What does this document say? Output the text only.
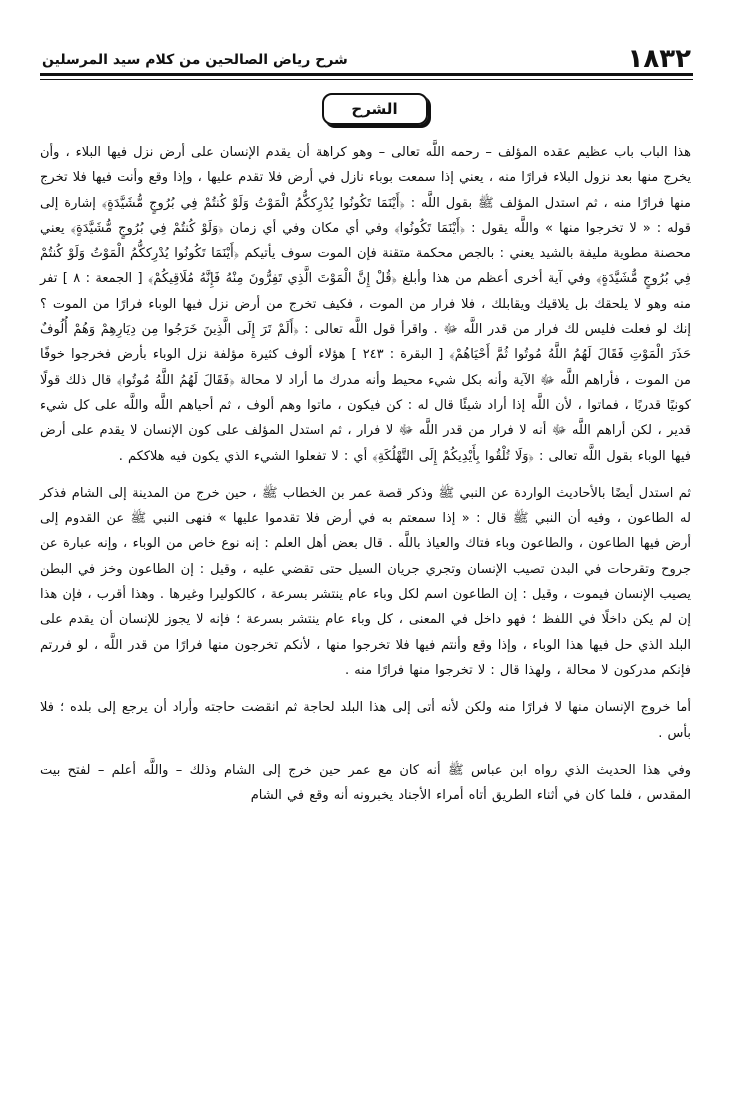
١٨٣٢
شرح رياض الصالحين من كلام سيد المرسلين
الشرح

هذا الباب باب عظيم عقده المؤلف – رحمه اللَّه تعالى – وهو كراهة أن يقدم الإنسان على أرض نزل فيها البلاء ، وأن يخرج منها بعد نزول البلاء فرارًا منه ، يعني إذا سمعت بوباء نازل في أرض فلا تقدم عليها ، وإذا وقع وأنت فيها فلا تخرج منها فرارًا منه ، ثم استدل المؤلف ﷺ بقول اللَّه : ﴿أَيْنَمَا تَكُونُوا يُدْرِككُّمُ الْمَوْتُ وَلَوْ كُنتُمْ فِي بُرُوجٍ مُّشَيَّدَةٍ﴾ إشارة إلى قوله : « لا تخرجوا منها » واللَّه يقول : ﴿أَيْنَمَا تَكُونُوا﴾ وفي أي مكان وفي أي زمان ﴿وَلَوْ كُنتُمْ فِي بُرُوجٍ مُّشَيَّدَةٍ﴾ يعني محصنة مطوية مليفة بالشيد يعني : بالجص محكمة متقنة فإن الموت سوف يأتيكم ﴿أَيْنَمَا تَكُونُوا يُدْرِككُّمُ الْمَوْتُ وَلَوْ كُنتُمْ فِي بُرُوجٍ مُّشَيَّدَةٍ﴾ وفي آية أخرى أعظم من هذا وأبلغ ﴿قُلْ إِنَّ الْمَوْتَ الَّذِي تَفِرُّونَ مِنْهُ فَإِنَّهُ مُلَاقِيكُمْ﴾ [ الجمعة : ٨ ] تفر منه وهو لا يلحقك بل يلاقيك ويقابلك ، فلا فرار من الموت ، فكيف تخرج من أرض نزل فيها الوباء فرارًا من الموت ؟ إنك لو فعلت فليس لك فرار من قدر اللَّه ﷻ . واقرأ قول اللَّه تعالى : ﴿أَلَمْ تَرَ إِلَى الَّذِينَ خَرَجُوا مِن دِيَارِهِمْ وَهُمْ أُلُوفٌ حَذَرَ الْمَوْتِ فَقَالَ لَهُمُ اللَّهُ مُوتُوا ثُمَّ أَحْيَاهُمْ﴾ [ البقرة : ٢٤٣ ] هؤلاء ألوف كثيرة مؤلفة نزل الوباء بأرض فخرجوا خوفًا من الموت ، فأراهم اللَّه ﷻ الآية وأنه بكل شيء محيط وأنه مدرك ما أراد لا محالة ﴿فَقَالَ لَهُمُ اللَّهُ مُوتُوا﴾ قال ذلك قولًا كونيًا قدريًا ، فماتوا ، لأن اللَّه إذا أراد شيئًا قال له : كن فيكون ، ماتوا وهم ألوف ، ثم أحياهم اللَّه واللَّه على كل شيء قدير ، لكن أراهم اللَّه ﷻ أنه لا فرار من قدر اللَّه ﷻ لا فرار ، ثم استدل المؤلف على كون الإنسان لا يقدم على أرض فيها الوباء بقول اللَّه تعالى : ﴿وَلَا تُلْقُوا بِأَيْدِيكُمْ إِلَى التَّهْلُكَةِ﴾ أي : لا تفعلوا الشيء الذي يكون فيه هلاككم .

ثم استدل أيضًا بالأحاديث الواردة عن النبي ﷺ وذكر قصة عمر بن الخطاب ﷺ ، حين خرج من المدينة إلى الشام فذكر له الطاعون ، وفيه أن النبي ﷺ قال : « إذا سمعتم به في أرض فلا تقدموا عليها » فنهى النبي ﷺ عن القدوم إلى أرض فيها الطاعون ، والطاعون وباء فتاك والعياذ باللَّه . قال بعض أهل العلم : إنه نوع خاص من الوباء ، وإنه عبارة عن جروح وتقرحات في البدن تصيب الإنسان وتجري جريان السيل حتى تقضي عليه ، وقيل : إن الطاعون وخز في البطن يصيب الإنسان فيموت ، وقيل : إن الطاعون اسم لكل وباء عام ينتشر بسرعة ، كالكوليرا وغيرها . وهذا أقرب ، فإن هذا إن لم يكن داخلًا في اللفظ ؛ فهو داخل في المعنى ، كل وباء عام ينتشر بسرعة ؛ فإنه لا يجوز للإنسان أن يقدم على البلد الذي حل فيها هذا الوباء ، وإذا وقع وأنتم فيها فلا تخرجوا منها ، لأنكم تخرجون منها فرارًا من قدر اللَّه ، لو فررتم فإنكم مدركون لا محالة ، ولهذا قال : لا تخرجوا منها فرارًا منه .

أما خروج الإنسان منها لا فرارًا منه ولكن لأنه أتى إلى هذا البلد لحاجة ثم انقضت حاجته وأراد أن يرجع إلى بلده ؛ فلا بأس .

وفي هذا الحديث الذي رواه ابن عباس ﷺ أنه كان مع عمر حين خرج إلى الشام وذلك – واللَّه أعلم – لفتح بيت المقدس ، فلما كان في أثناء الطريق أتاه أمراء الأجناد يخبرونه أنه وقع في الشام
